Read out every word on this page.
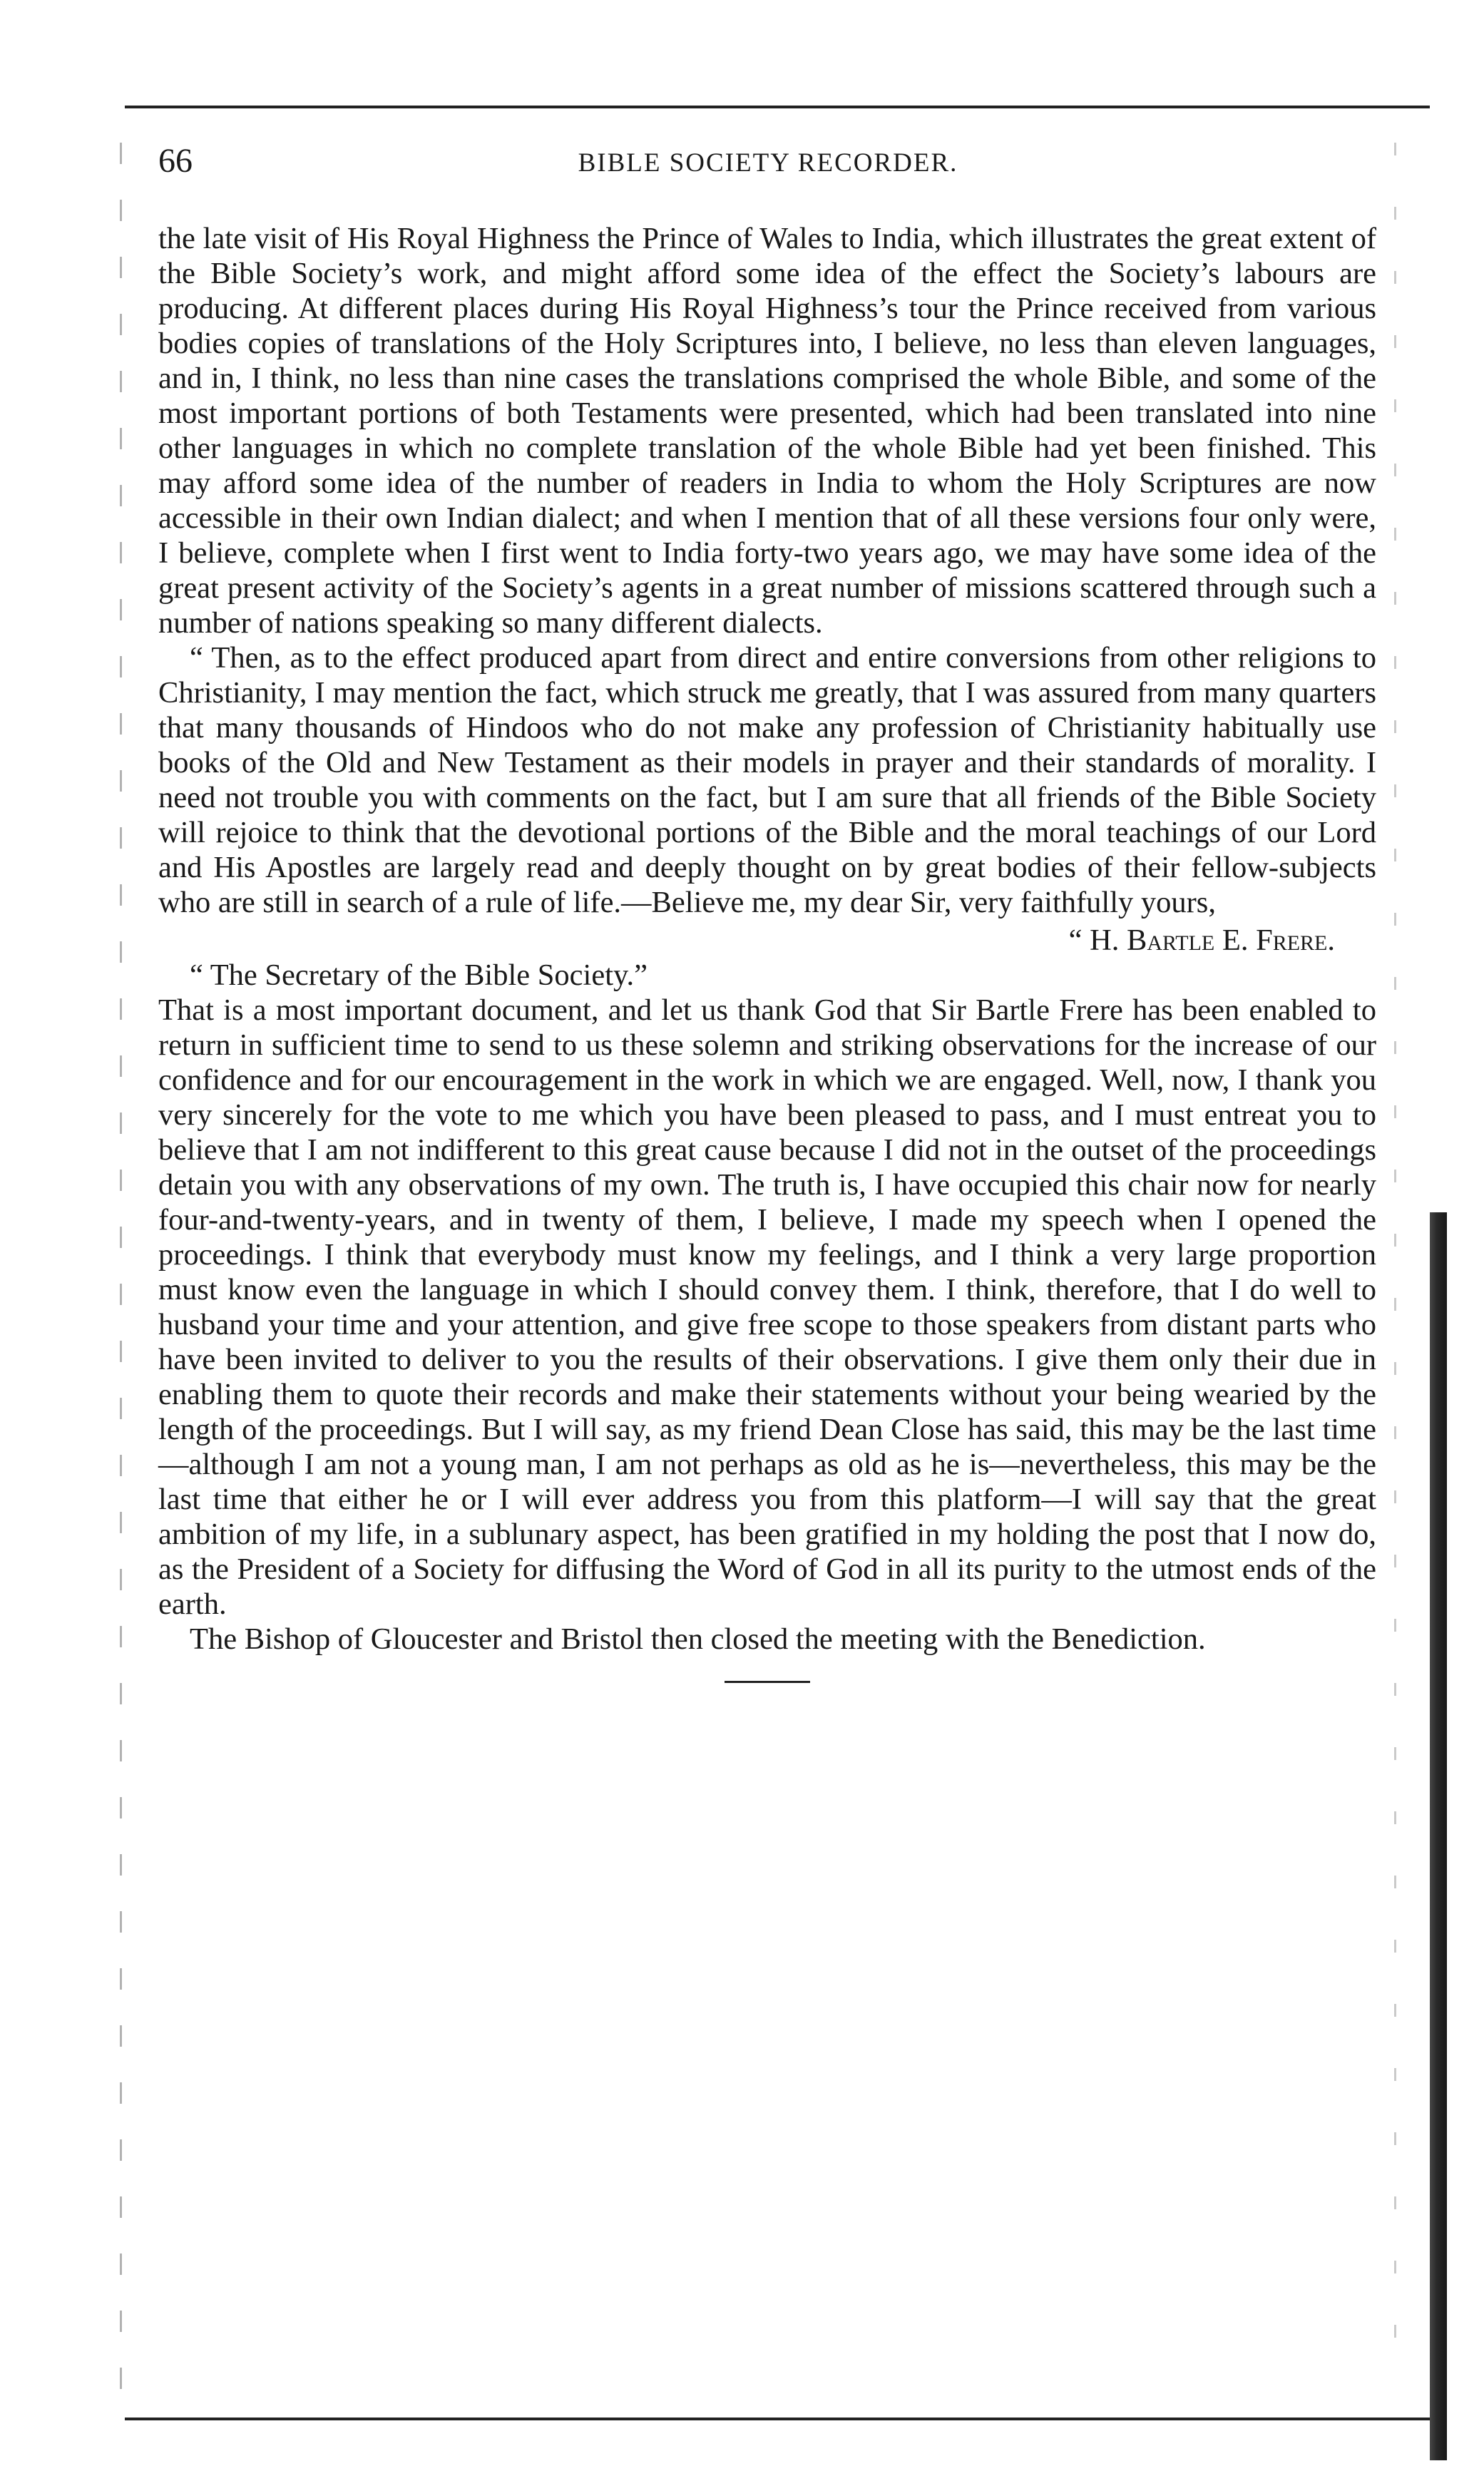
66	BIBLE SOCIETY RECORDER.

the late visit of His Royal Highness the Prince of Wales to India, which illustrates the great extent of the Bible Society’s work, and might afford some idea of the effect the Society’s labours are producing. At different places during His Royal Highness’s tour the Prince received from various bodies copies of translations of the Holy Scriptures into, I believe, no less than eleven languages, and in, I think, no less than nine cases the translations comprised the whole Bible, and some of the most important portions of both Testaments were presented, which had been translated into nine other languages in which no complete translation of the whole Bible had yet been finished. This may afford some idea of the number of readers in India to whom the Holy Scriptures are now accessible in their own Indian dialect; and when I mention that of all these versions four only were, I believe, complete when I first went to India forty-two years ago, we may have some idea of the great present activity of the Society’s agents in a great number of missions scattered through such a number of nations speaking so many different dialects.

“ Then, as to the effect produced apart from direct and entire conversions from other religions to Christianity, I may mention the fact, which struck me greatly, that I was assured from many quarters that many thousands of Hindoos who do not make any profession of Christianity habitually use books of the Old and New Testament as their models in prayer and their standards of morality. I need not trouble you with comments on the fact, but I am sure that all friends of the Bible Society will rejoice to think that the devotional portions of the Bible and the moral teachings of our Lord and His Apostles are largely read and deeply thought on by great bodies of their fellow-subjects who are still in search of a rule of life.—Believe me, my dear Sir, very faithfully yours,

“ H. Bartle E. Frere.

“ The Secretary of the Bible Society.”

That is a most important document, and let us thank God that Sir Bartle Frere has been enabled to return in sufficient time to send to us these solemn and striking observations for the increase of our confidence and for our encouragement in the work in which we are engaged. Well, now, I thank you very sincerely for the vote to me which you have been pleased to pass, and I must entreat you to believe that I am not indifferent to this great cause because I did not in the outset of the proceedings detain you with any observations of my own. The truth is, I have occupied this chair now for nearly four-and-twenty-years, and in twenty of them, I believe, I made my speech when I opened the proceedings. I think that everybody must know my feelings, and I think a very large proportion must know even the language in which I should convey them. I think, therefore, that I do well to husband your time and your attention, and give free scope to those speakers from distant parts who have been invited to deliver to you the results of their observations. I give them only their due in enabling them to quote their records and make their statements without your being wearied by the length of the proceedings. But I will say, as my friend Dean Close has said, this may be the last time—although I am not a young man, I am not perhaps as old as he is—nevertheless, this may be the last time that either he or I will ever address you from this platform—I will say that the great ambition of my life, in a sublunary aspect, has been gratified in my holding the post that I now do, as the President of a Society for diffusing the Word of God in all its purity to the utmost ends of the earth.

The Bishop of Gloucester and Bristol then closed the meeting with the Benediction.
